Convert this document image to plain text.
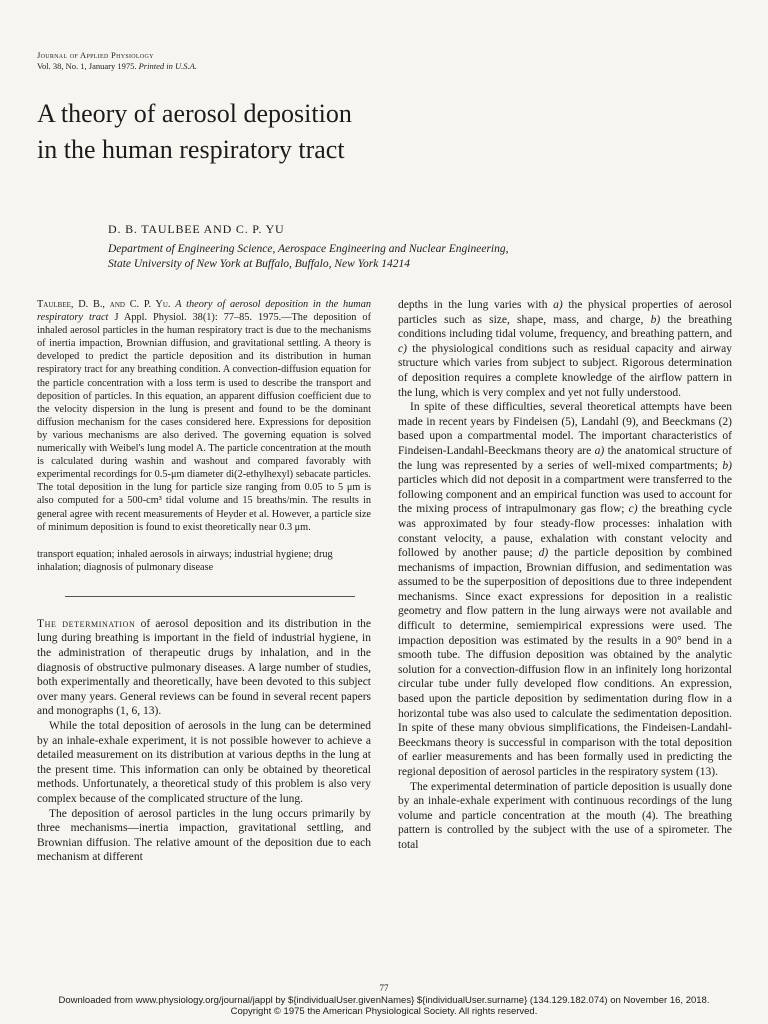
Journal of Applied Physiology
Vol. 38, No. 1, January 1975. Printed in U.S.A.
A theory of aerosol deposition
in the human respiratory tract
D. B. TAULBEE AND C. P. YU
Department of Engineering Science, Aerospace Engineering and Nuclear Engineering,
State University of New York at Buffalo, Buffalo, New York 14214

Taulbee, D. B., and C. P. Yu. A theory of aerosol deposition in the human respiratory tract J Appl. Physiol. 38(1): 77–85. 1975.—The deposition of inhaled aerosol particles in the human respiratory tract is due to the mechanisms of inertia impaction, Brownian diffusion, and gravitational settling. A theory is developed to predict the particle deposition and its distribution in human respiratory tract for any breathing condition. A convection-diffusion equation for the particle concentration with a loss term is used to describe the transport and deposition of particles. In this equation, an apparent diffusion coefficient due to the velocity dispersion in the lung is present and found to be the dominant diffusion mechanism for the cases considered here. Expressions for deposition by various mechanisms are also derived. The governing equation is solved numerically with Weibel's lung model A. The particle concentration at the mouth is calculated during washin and washout and compared favorably with experimental recordings for 0.5-μm diameter di(2-ethylhexyl) sebacate particles. The total deposition in the lung for particle size ranging from 0.05 to 5 μm is also computed for a 500-cm³ tidal volume and 15 breaths/min. The results in general agree with recent measurements of Heyder et al. However, a particle size of minimum deposition is found to exist theoretically near 0.3 μm.

transport equation; inhaled aerosols in airways; industrial hygiene; drug inhalation; diagnosis of pulmonary disease

The determination of aerosol deposition and its distribution in the lung during breathing is important in the field of industrial hygiene, in the administration of therapeutic drugs by inhalation, and in the diagnosis of obstructive pulmonary diseases. A large number of studies, both experimentally and theoretically, have been devoted to this subject over many years. General reviews can be found in several recent papers and monographs (1, 6, 13).

While the total deposition of aerosols in the lung can be determined by an inhale-exhale experiment, it is not possible however to achieve a detailed measurement on its distribution at various depths in the lung at the present time. This information can only be obtained by theoretical methods. Unfortunately, a theoretical study of this problem is also very complex because of the complicated structure of the lung.

The deposition of aerosol particles in the lung occurs primarily by three mechanisms—inertia impaction, gravitational settling, and Brownian diffusion. The relative amount of the deposition due to each mechanism at different

depths in the lung varies with a) the physical properties of aerosol particles such as size, shape, mass, and charge, b) the breathing conditions including tidal volume, frequency, and breathing pattern, and c) the physiological conditions such as residual capacity and airway structure which varies from subject to subject. Rigorous determination of deposition requires a complete knowledge of the airflow pattern in the lung, which is very complex and yet not fully understood.

In spite of these difficulties, several theoretical attempts have been made in recent years by Findeisen (5), Landahl (9), and Beeckmans (2) based upon a compartmental model. The important characteristics of Findeisen-Landahl-Beeckmans theory are a) the anatomical structure of the lung was represented by a series of well-mixed compartments; b) particles which did not deposit in a compartment were transferred to the following component and an empirical function was used to account for the mixing process of intrapulmonary gas flow; c) the breathing cycle was approximated by four steady-flow processes: inhalation with constant velocity, a pause, exhalation with constant velocity and followed by another pause; d) the particle deposition by combined mechanisms of impaction, Brownian diffusion, and sedimentation was assumed to be the superposition of depositions due to three independent mechanisms. Since exact expressions for deposition in a realistic geometry and flow pattern in the lung airways were not available and difficult to determine, semiempirical expressions were used. The impaction deposition was estimated by the results in a 90° bend in a smooth tube. The diffusion deposition was obtained by the analytic solution for a convection-diffusion flow in an infinitely long horizontal circular tube under fully developed flow conditions. An expression, based upon the particle deposition by sedimentation during flow in a horizontal tube was also used to calculate the sedimentation deposition. In spite of these many obvious simplifications, the Findeisen-Landahl-Beeckmans theory is successful in comparison with the total deposition of earlier measurements and has been formally used in predicting the regional deposition of aerosol particles in the respiratory system (13).

The experimental determination of particle deposition is usually done by an inhale-exhale experiment with continuous recordings of the lung volume and particle concentration at the mouth (4). The breathing pattern is controlled by the subject with the use of a spirometer. The total

77
Downloaded from www.physiology.org/journal/jappl by ${individualUser.givenNames} ${individualUser.surname} (134.129.182.074) on November 16, 2018.
Copyright © 1975 the American Physiological Society. All rights reserved.
